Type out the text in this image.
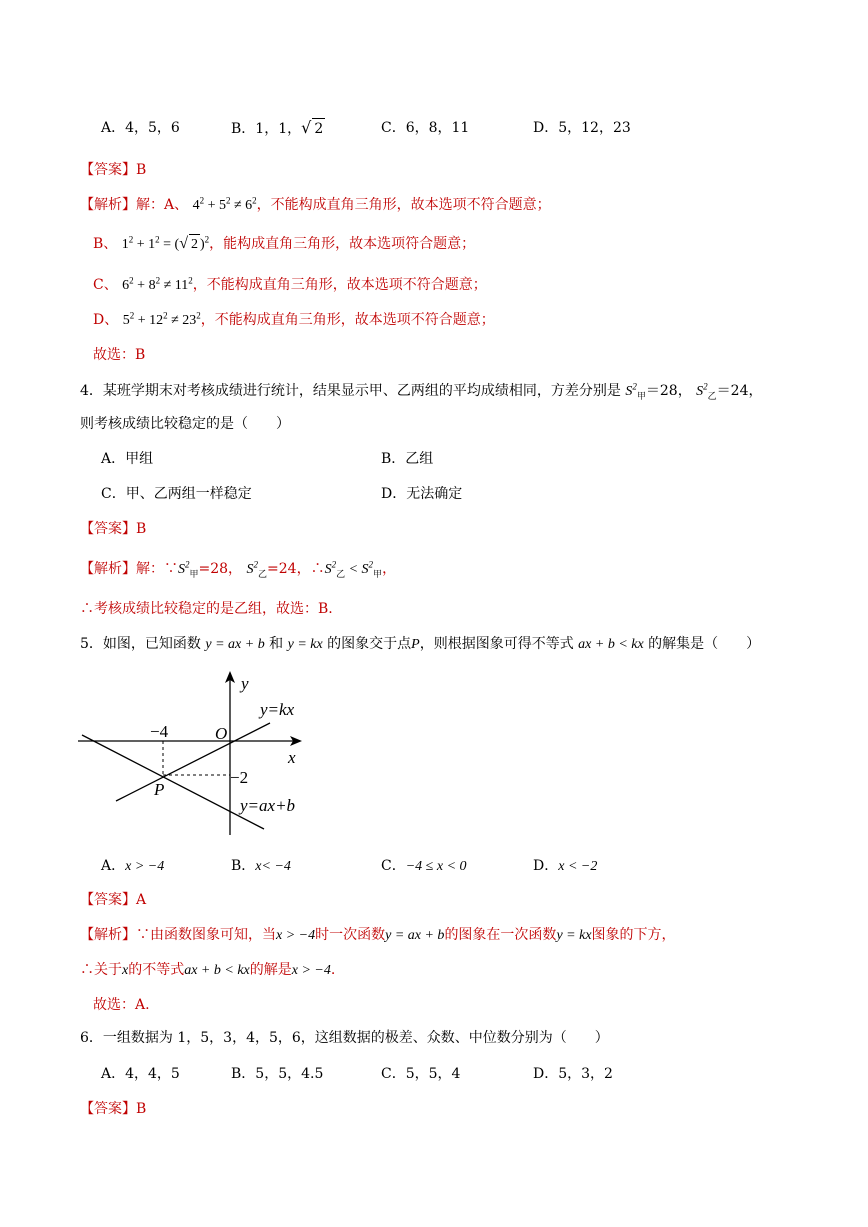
A．4，5，6	B．1，1，√ 2	C．6，8，11	D．5，12，23
【答案】B
【解析】解：A、 $4^2 + 5^2 \ne 6^2$，不能构成直角三角形，故本选项不符合题意；
B、 $1^2 + 1^2$ = (√ 2 )$^2$，能构成直角三角形，故本选项符合题意；
C、 $6^2 + 8^2 \ne 11^2$，不能构成直角三角形，故本选项不符合题意；
D、 $5^2 + 12^2 \ne 23^2$，不能构成直角三角形，故本选项不符合题意；
故选：B
4．某班学期末对考核成绩进行统计，结果显示甲、乙两组的平均成绩相同，方差分别是 $S^2_甲=28$， $S^2_乙=24$，
则考核成绩比较稳定的是（　　）
A．甲组	B．乙组
C．甲、乙两组一样稳定	D．无法确定
【答案】B
【解析】解：$\because S^2_甲=28$， $S^2_乙=24$，$\therefore S^2_乙 < S^2_甲$，
∴考核成绩比较稳定的是乙组，故选：B.
5．如图，已知函数 y = ax + b 和 y = kx 的图象交于点P，则根据图象可得不等式 ax + b < kx 的解集是（　　）
y
x
O
−4
−2
P
y=kx
y=ax+b
A．x > −4	B．x< −4	C．−4 ≤ x < 0	D．x < −2
【答案】A
【解析】∵由函数图象可知，当x > −4时一次函数y = ax + b的图象在一次函数y = kx图象的下方，
∴关于x的不等式ax + b < kx的解是x > −4.
故选：A.
6．一组数据为 1，5，3，4，5，6，这组数据的极差、众数、中位数分别为（　　）
A．4，4，5	B．5，5，4.5	C．5，5，4	D．5，3，2
【答案】B
